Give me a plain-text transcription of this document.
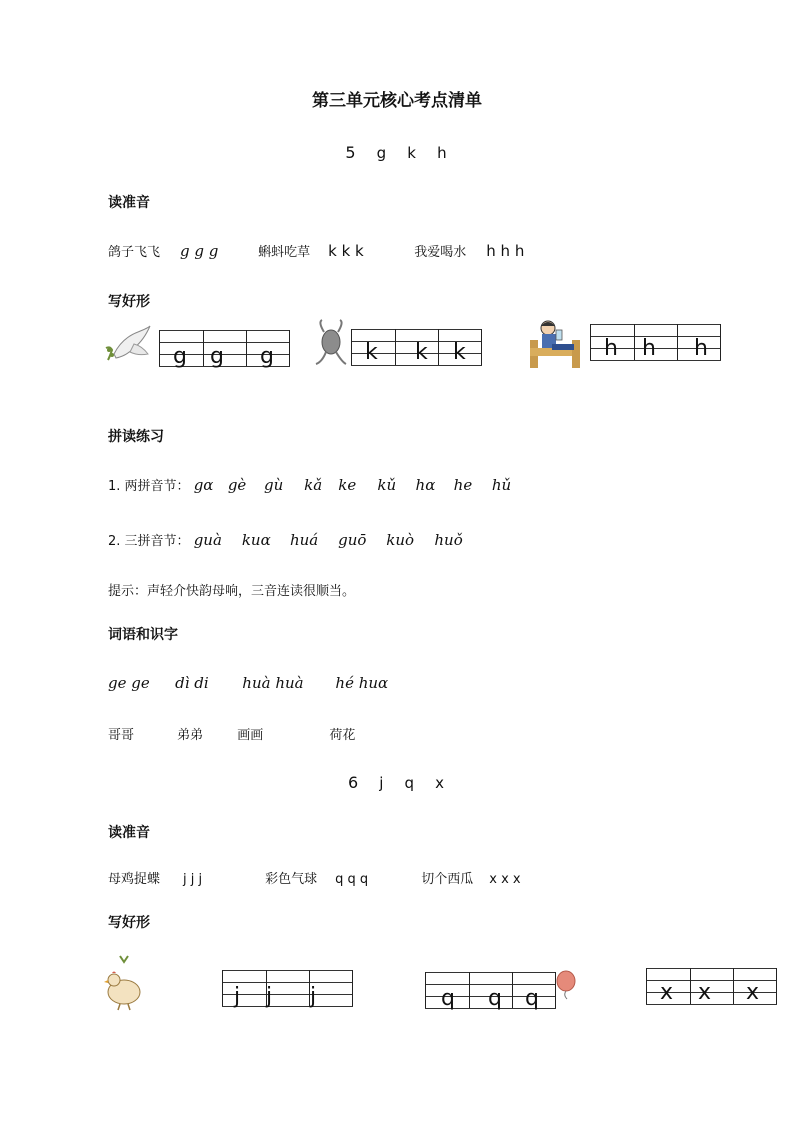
第三单元核心考点清单
5 g k h
读准音
鸽子飞飞 g g g	蝌蚪吃草 k k k	我爱喝水 h h h
写好形
g g g	k k k	h h h
拼读练习
1. 两拼音节： gɑ gè gù kǎ ke kǔ hɑ he hǔ
2. 三拼音节： guà kuɑ huá guō kuò huǒ
提示：声轻介快韵母响，三音连读很顺当。
词语和识字
ge ge dì di huà huà hé huɑ
哥哥	弟弟	画画	荷花
6 j q x
读准音
母鸡捉蝶 j j j	彩色气球 q q q	切个西瓜 x x x
写好形
j j j	q q q	x x x
